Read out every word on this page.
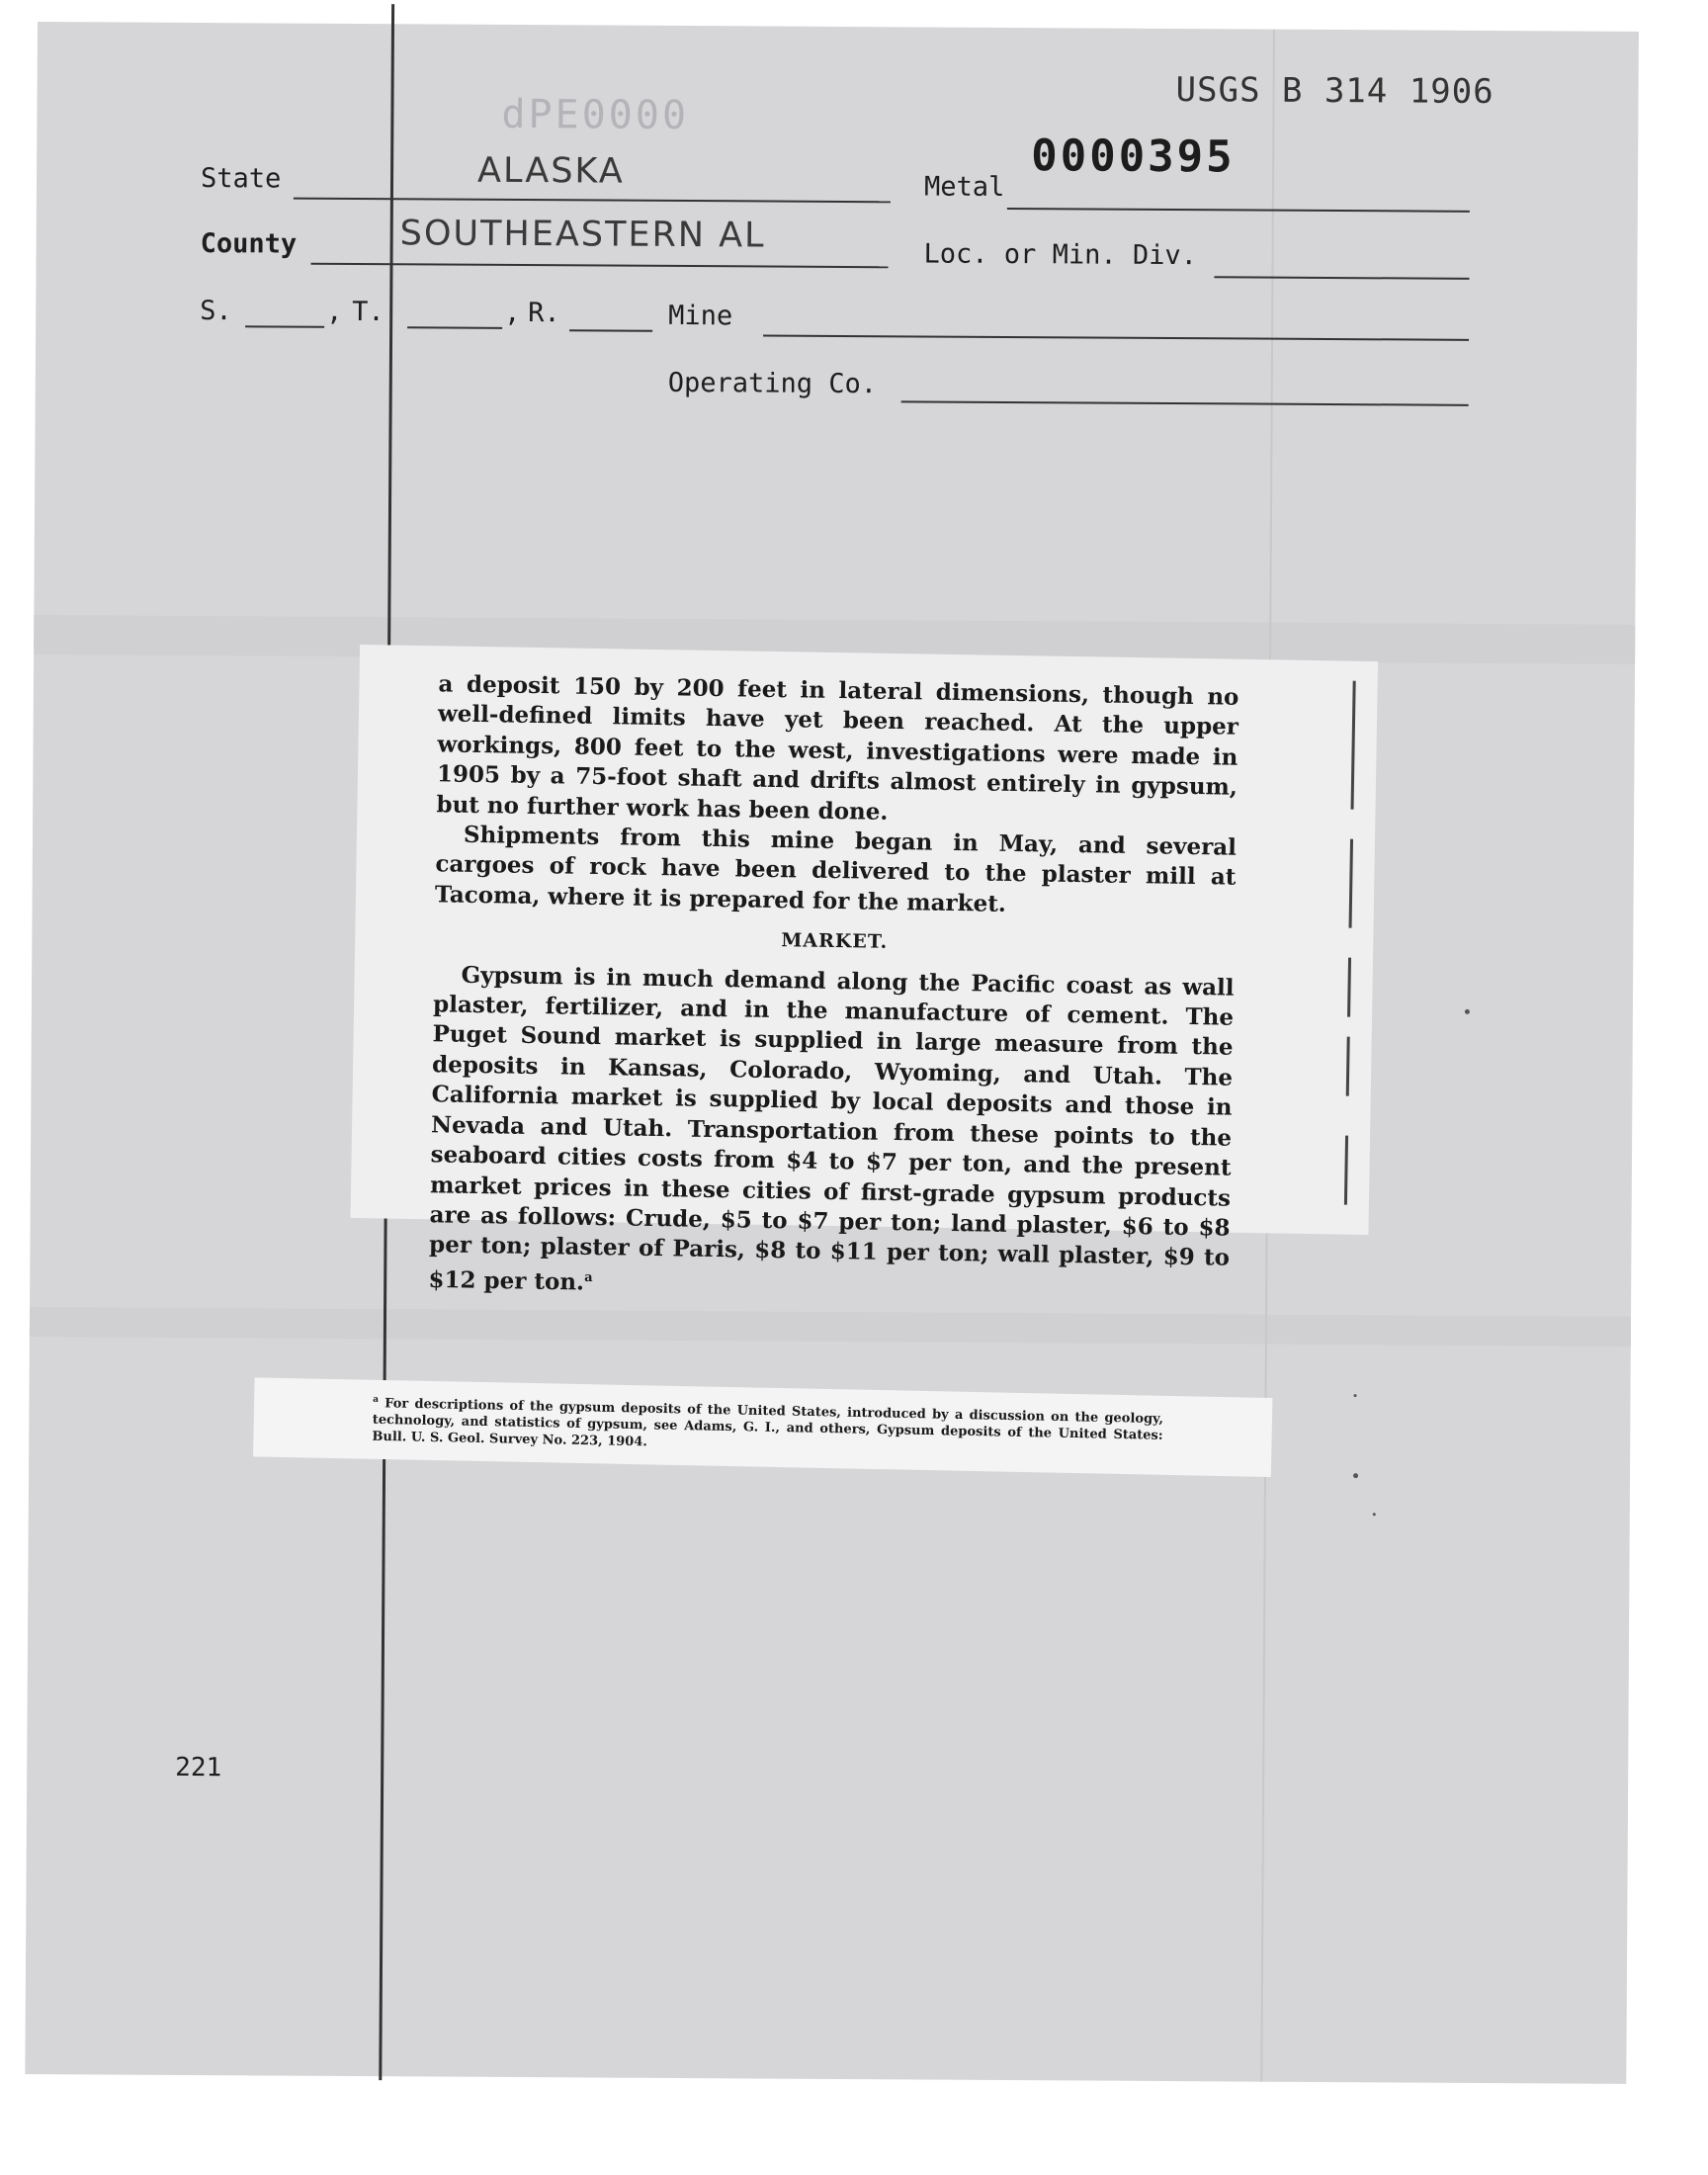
USGS B 314 1906
dPE0000
0000395
State	ALASKA	Metal
County	SOUTHEASTERN AL	Loc. or Min. Div.
S.	, T.	, R.	Mine
Operating Co.

a deposit 150 by 200 feet in lateral dimensions, though no well-defined limits have yet been reached. At the upper workings, 800 feet to the west, investigations were made in 1905 by a 75-foot shaft and drifts almost entirely in gypsum, but no further work has been done.

Shipments from this mine began in May, and several cargoes of rock have been delivered to the plaster mill at Tacoma, where it is prepared for the market.

MARKET.

Gypsum is in much demand along the Pacific coast as wall plaster, fertilizer, and in the manufacture of cement. The Puget Sound market is supplied in large measure from the deposits in Kansas, Colorado, Wyoming, and Utah. The California market is supplied by local deposits and those in Nevada and Utah. Transportation from these points to the seaboard cities costs from $4 to $7 per ton, and the present market prices in these cities of first-grade gypsum products are as follows: Crude, $5 to $7 per ton; land plaster, $6 to $8 per ton; plaster of Paris, $8 to $11 per ton; wall plaster, $9 to $12 per ton.$^a$

$^a$ For descriptions of the gypsum deposits of the United States, introduced by a discussion on the geology, technology, and statistics of gypsum, see Adams, G. I., and others, Gypsum deposits of the United States: Bull. U. S. Geol. Survey No. 223, 1904.
221
